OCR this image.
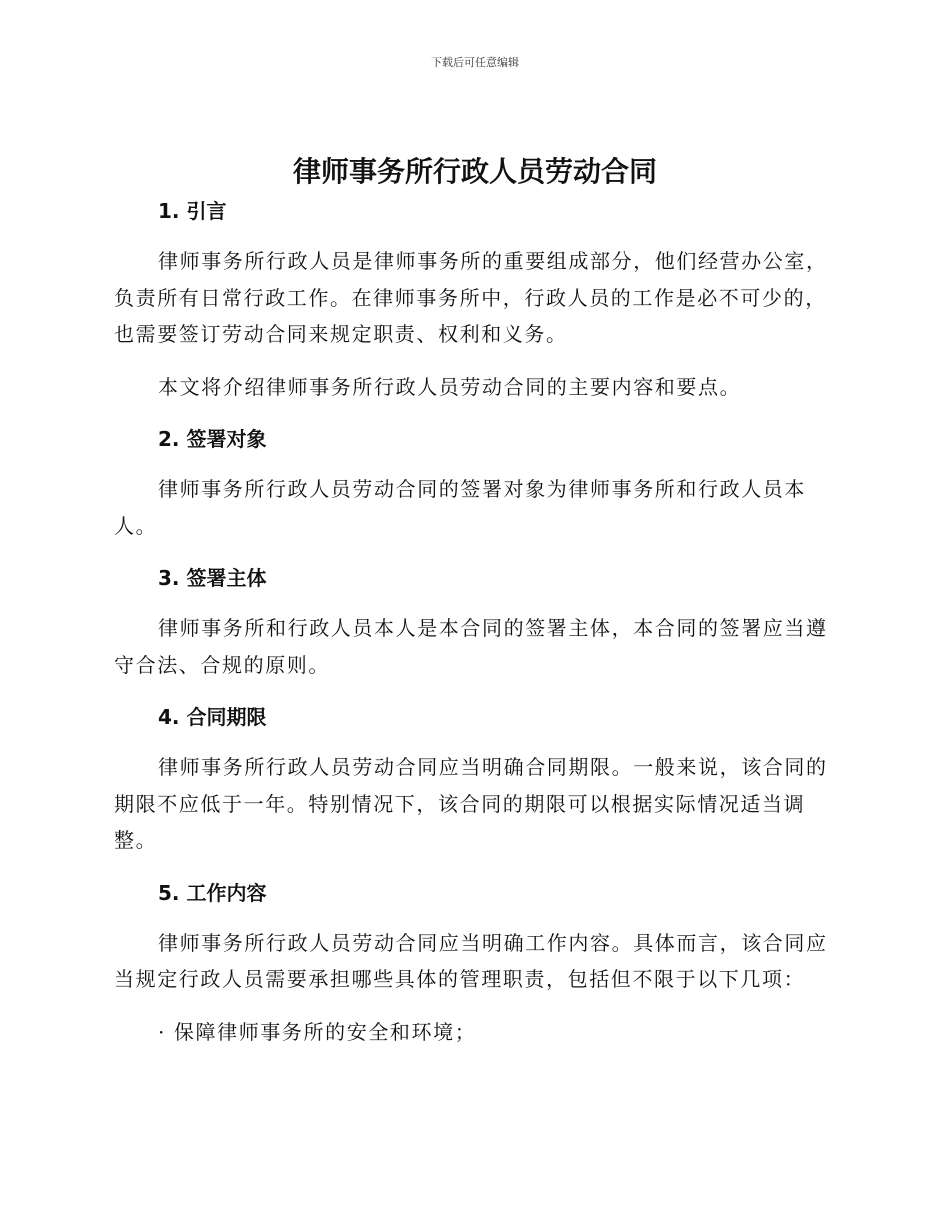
下载后可任意编辑
律师事务所行政人员劳动合同
1. 引言

律师事务所行政人员是律师事务所的重要组成部分，他们经营办公室，负责所有日常行政工作。在律师事务所中，行政人员的工作是必不可少的，也需要签订劳动合同来规定职责、权利和义务。

本文将介绍律师事务所行政人员劳动合同的主要内容和要点。

2. 签署对象

律师事务所行政人员劳动合同的签署对象为律师事务所和行政人员本人。

3. 签署主体

律师事务所和行政人员本人是本合同的签署主体，本合同的签署应当遵守合法、合规的原则。

4. 合同期限

律师事务所行政人员劳动合同应当明确合同期限。一般来说，该合同的期限不应低于一年。特别情况下，该合同的期限可以根据实际情况适当调整。

5. 工作内容

律师事务所行政人员劳动合同应当明确工作内容。具体而言，该合同应当规定行政人员需要承担哪些具体的管理职责，包括但不限于以下几项：

· 保障律师事务所的安全和环境；
